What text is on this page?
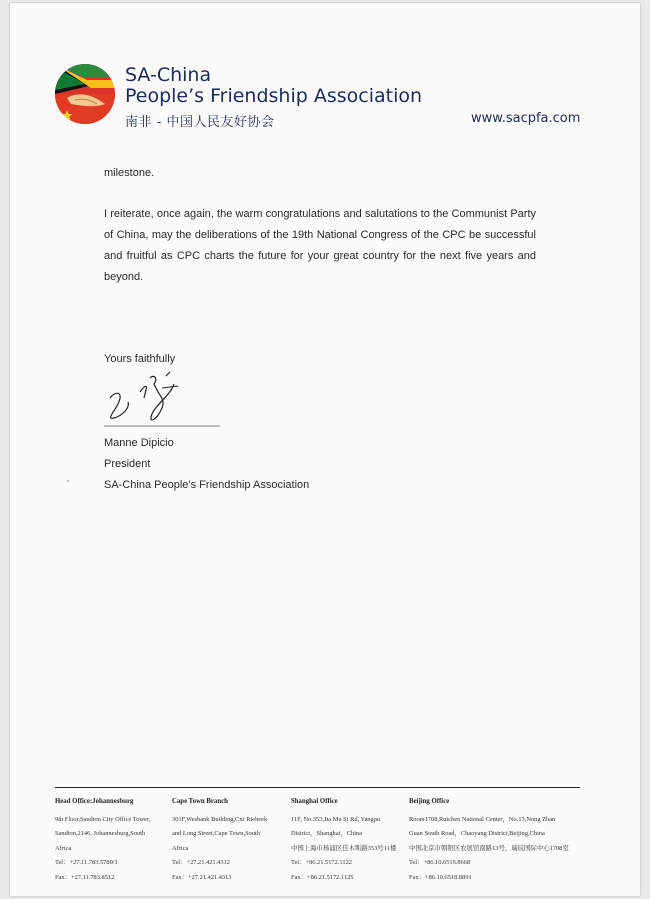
SA-China
People’s Friendship Association
南非 - 中国人民友好协会	www.sacpfa.com
milestone.
I reiterate, once again, the warm congratulations and salutations to the Communist Party of China, may the deliberations of the 19th National Congress of the CPC be successful and fruitful as CPC charts the future for your great country for the next five years and beyond.
Yours faithfully
Manne Dipicio
President
SA-China People’s Friendship Association
Head Office:Johannesburg
9th Floor,Sandton City Office Tower,
Sandton,2146, Johannesburg,South
Africa
Tel：+27.11.783.5780/1
Fax：+27.11.783.8512
Cape Town Branch
301F,Wesbank Building,Cnr Riebeek
and Long Street,Cape Town,South
Africa
Tel：+27.21.421.4312
Fax：+27.21.421.4313
Shanghai Office
11F, No.353,Jia Mu Si Rd, Yangpu
District，Shanghai，China
中国上海市杨浦区佳木斯路353号11楼
Tel：+86.21.5172.1122
Fax：+86.21.5172.1125
Beijing Office
Room1708,Ruichen National Center，No.13,Nong Zhan
Guan South Road，Chaoyang District,Beijing,China
中国北京市朝阳区农展馆南路13号，瑞辰国际中心1708室
Tel：+86.10.6516.8668
Fax：+86.10.6518.8891
